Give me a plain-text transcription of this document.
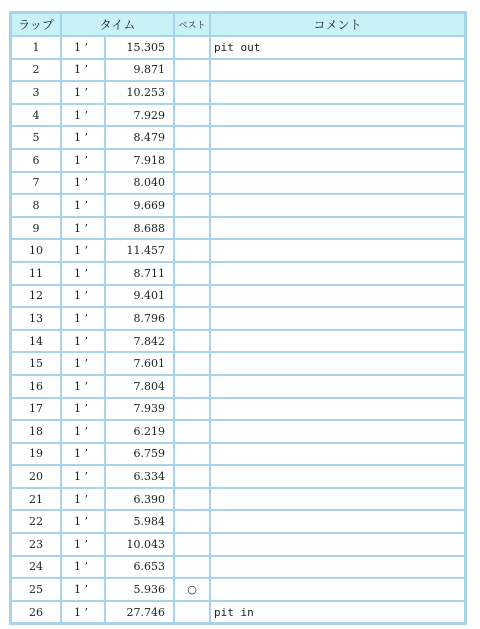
ラップ	タイム		ベスト	コメント
1	1 ’	15.305		pit out
2	1 ’	9.871		
3	1 ’	10.253		
4	1 ’	7.929		
5	1 ’	8.479		
6	1 ’	7.918		
7	1 ’	8.040		
8	1 ’	9.669		
9	1 ’	8.688		
10	1 ’	11.457		
11	1 ’	8.711		
12	1 ’	9.401		
13	1 ’	8.796		
14	1 ’	7.842		
15	1 ’	7.601		
16	1 ’	7.804		
17	1 ’	7.939		
18	1 ’	6.219		
19	1 ’	6.759		
20	1 ’	6.334		
21	1 ’	6.390		
22	1 ’	5.984		
23	1 ’	10.043		
24	1 ’	6.653		
25	1 ’	5.936	○	
26	1 ’	27.746		pit in
